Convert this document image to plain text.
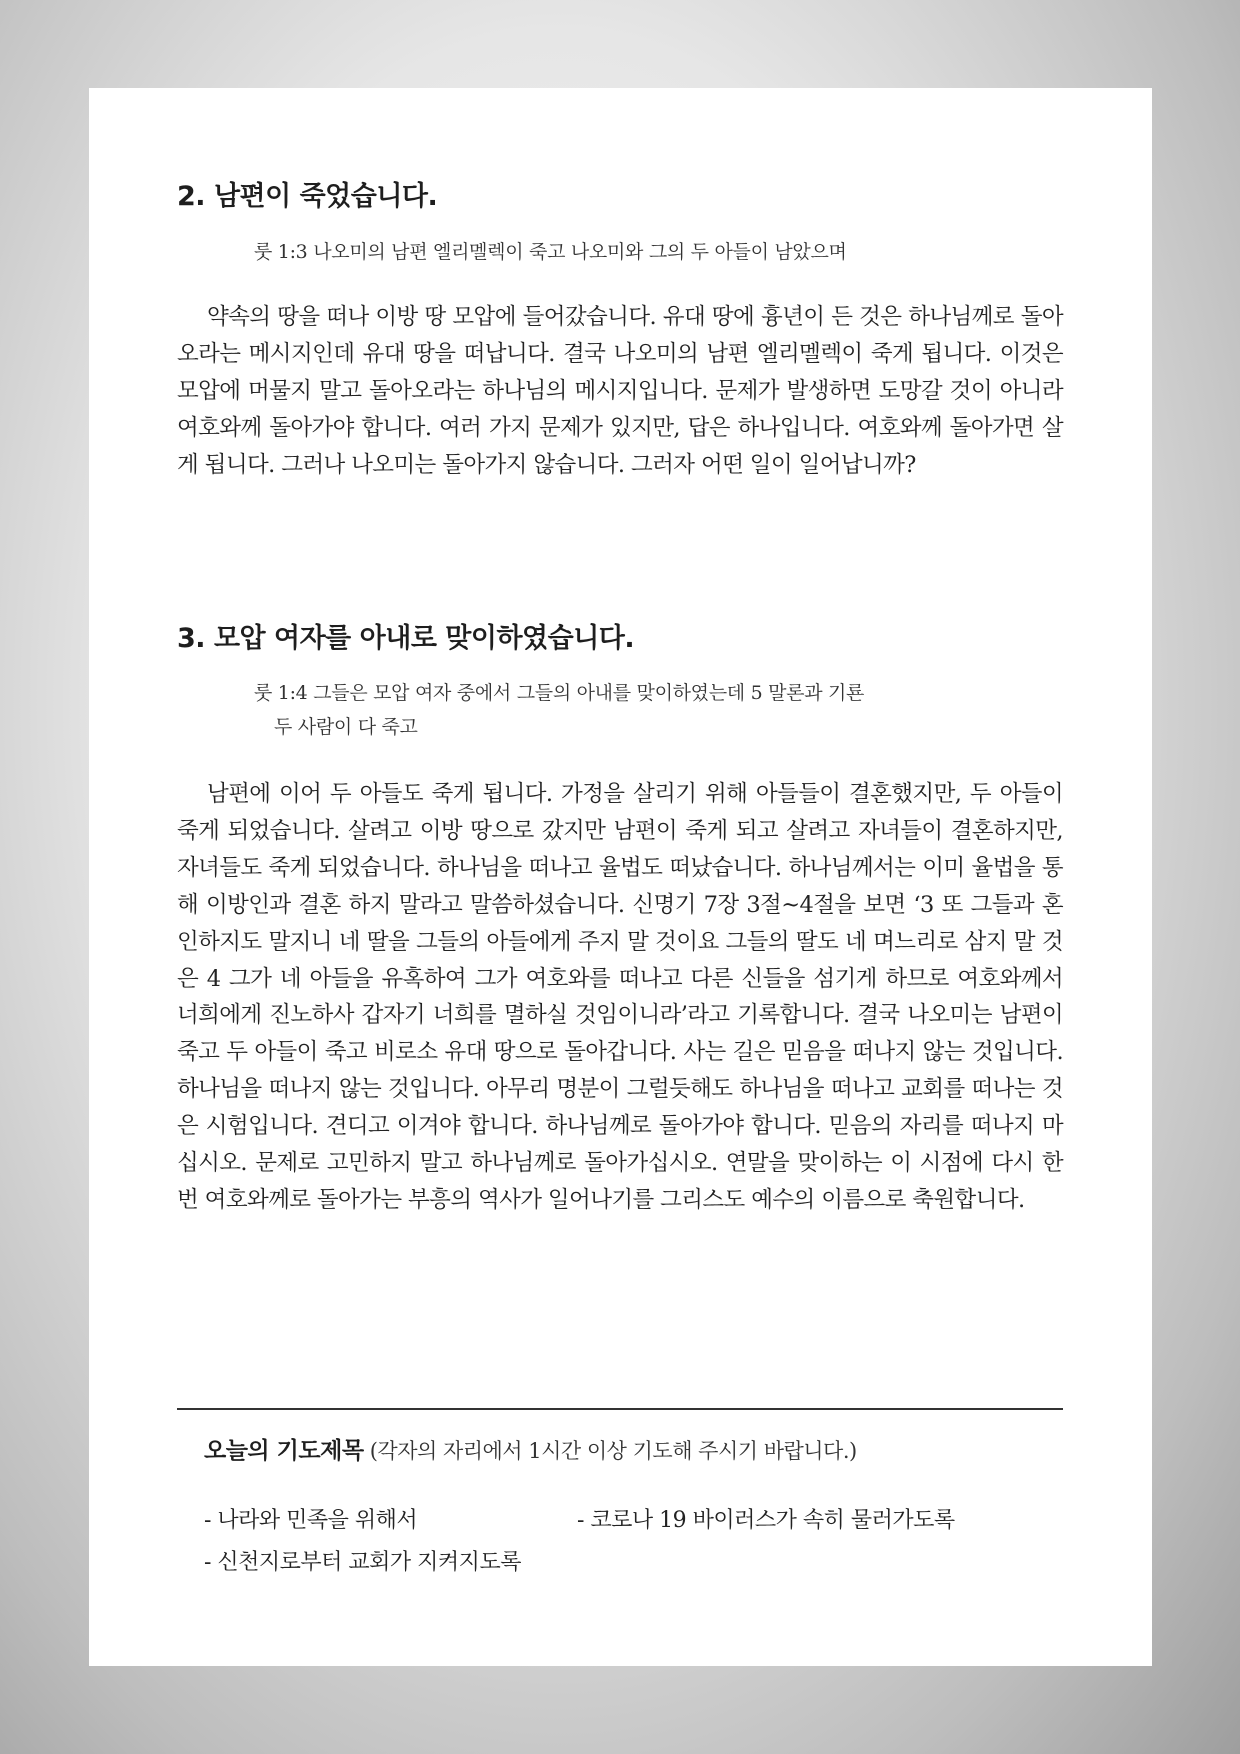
2. 남편이 죽었습니다.
룻 1:3 나오미의 남편 엘리멜렉이 죽고 나오미와 그의 두 아들이 남았으며

약속의 땅을 떠나 이방 땅 모압에 들어갔습니다. 유대 땅에 흉년이 든 것은 하나님께로 돌아오라는 메시지인데 유대 땅을 떠납니다. 결국 나오미의 남편 엘리멜렉이 죽게 됩니다. 이것은 모압에 머물지 말고 돌아오라는 하나님의 메시지입니다. 문제가 발생하면 도망갈 것이 아니라 여호와께 돌아가야 합니다. 여러 가지 문제가 있지만, 답은 하나입니다. 여호와께 돌아가면 살게 됩니다. 그러나 나오미는 돌아가지 않습니다. 그러자 어떤 일이 일어납니까?

3. 모압 여자를 아내로 맞이하였습니다.
룻 1:4 그들은 모압 여자 중에서 그들의 아내를 맞이하였는데 5 말론과 기룐
두 사람이 다 죽고

남편에 이어 두 아들도 죽게 됩니다. 가정을 살리기 위해 아들들이 결혼했지만, 두 아들이 죽게 되었습니다. 살려고 이방 땅으로 갔지만 남편이 죽게 되고 살려고 자녀들이 결혼하지만, 자녀들도 죽게 되었습니다. 하나님을 떠나고 율법도 떠났습니다. 하나님께서는 이미 율법을 통해 이방인과 결혼 하지 말라고 말씀하셨습니다. 신명기 7장 3절~4절을 보면 ‘3 또 그들과 혼인하지도 말지니 네 딸을 그들의 아들에게 주지 말 것이요 그들의 딸도 네 며느리로 삼지 말 것은 4 그가 네 아들을 유혹하여 그가 여호와를 떠나고 다른 신들을 섬기게 하므로 여호와께서 너희에게 진노하사 갑자기 너희를 멸하실 것임이니라’라고 기록합니다. 결국 나오미는 남편이 죽고 두 아들이 죽고 비로소 유대 땅으로 돌아갑니다. 사는 길은 믿음을 떠나지 않는 것입니다. 하나님을 떠나지 않는 것입니다. 아무리 명분이 그럴듯해도 하나님을 떠나고 교회를 떠나는 것은 시험입니다. 견디고 이겨야 합니다. 하나님께로 돌아가야 합니다. 믿음의 자리를 떠나지 마십시오. 문제로 고민하지 말고 하나님께로 돌아가십시오. 연말을 맞이하는 이 시점에 다시 한번 여호와께로 돌아가는 부흥의 역사가 일어나기를 그리스도 예수의 이름으로 축원합니다.

오늘의 기도제목 (각자의 자리에서 1시간 이상 기도해 주시기 바랍니다.)
- 나라와 민족을 위해서	- 코로나 19 바이러스가 속히 물러가도록
- 신천지로부터 교회가 지켜지도록
